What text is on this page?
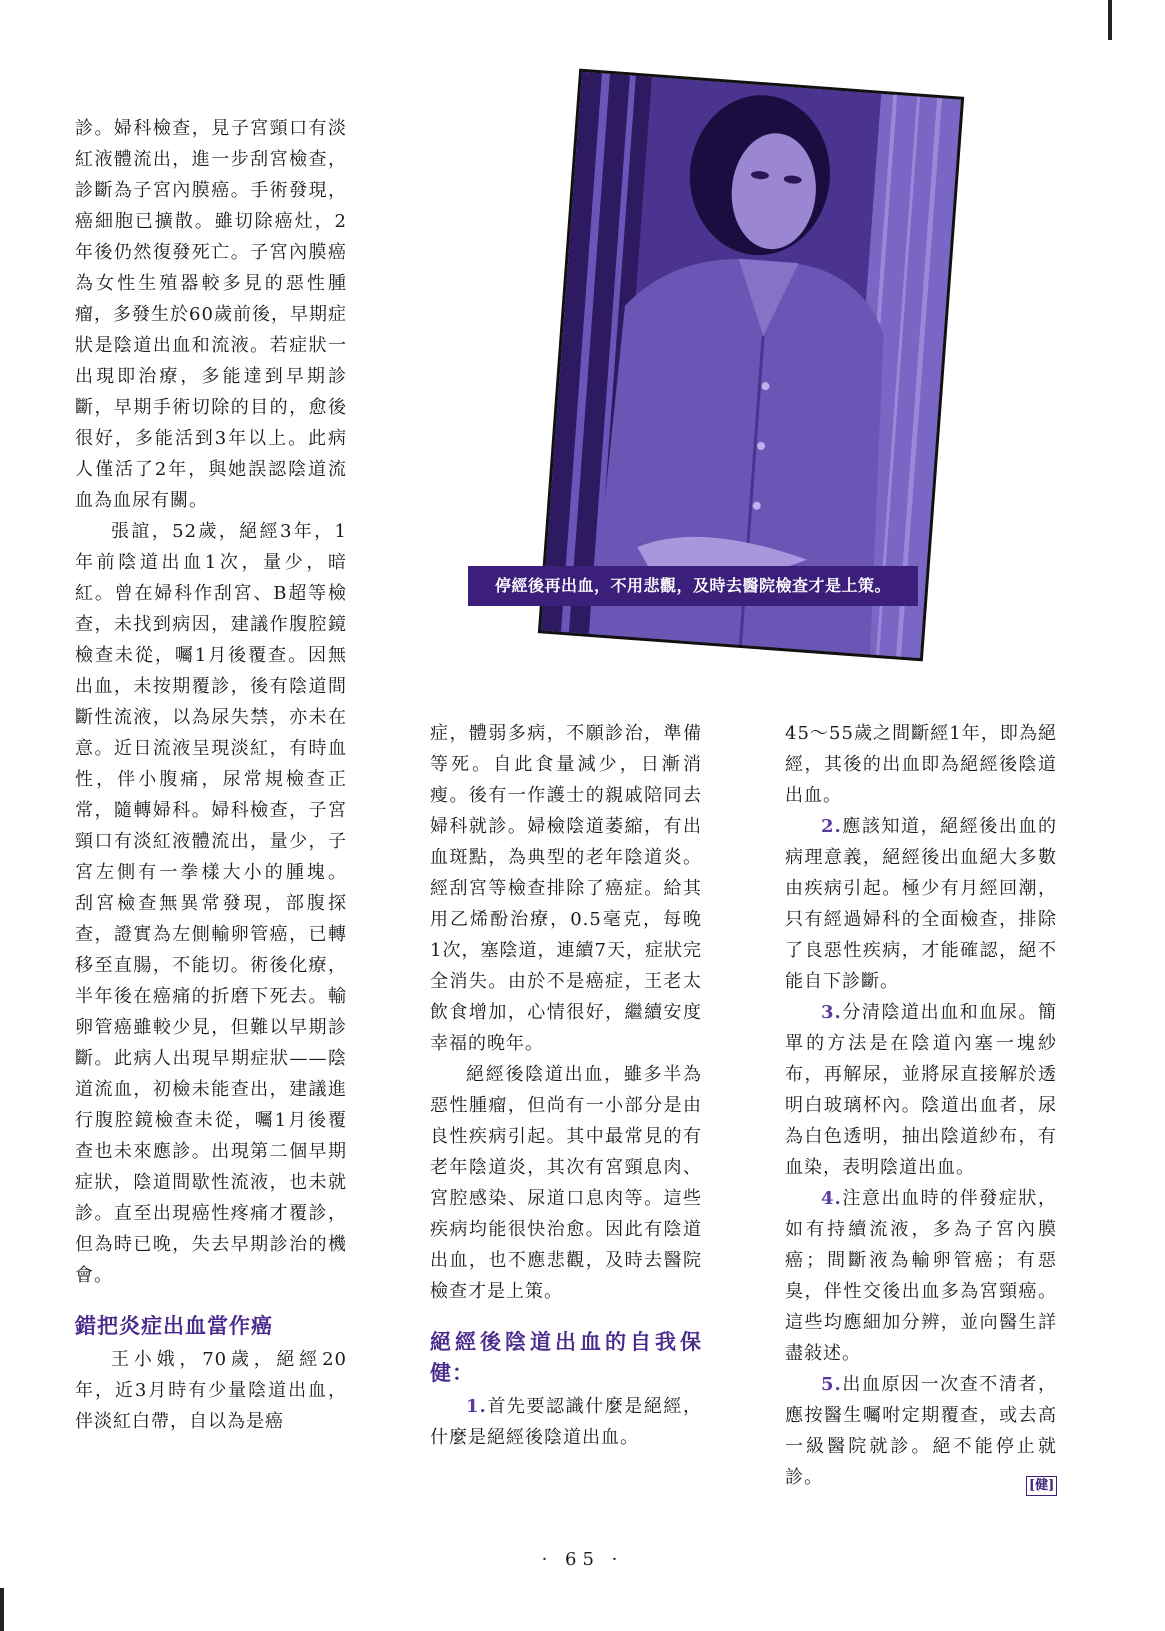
診。婦科檢查，見子宮頸口有淡紅液體流出，進一步刮宮檢查，診斷為子宮內膜癌。手術發現，癌細胞已擴散。雖切除癌灶，2年後仍然復發死亡。子宮內膜癌為女性生殖器較多見的惡性腫瘤，多發生於60歲前後，早期症狀是陰道出血和流液。若症狀一出現即治療，多能達到早期診斷，早期手術切除的目的，愈後很好，多能活到3年以上。此病人僅活了2年，與她誤認陰道流血為血尿有關。

張誼，52歲，絕經3年，1年前陰道出血1次，量少，暗紅。曾在婦科作刮宮、B超等檢查，未找到病因，建議作腹腔鏡檢查未從，囑1月後覆查。因無出血，未按期覆診，後有陰道間斷性流液，以為尿失禁，亦未在意。近日流液呈現淡紅，有時血性，伴小腹痛，尿常規檢查正常，隨轉婦科。婦科檢查，子宮頸口有淡紅液體流出，量少，子宮左側有一拳樣大小的腫塊。 刮宮檢查無異常發現，部腹探查，證實為左側輸卵管癌，已轉移至直腸，不能切。術後化療，半年後在癌痛的折磨下死去。輸卵管癌雖較少見，但難以早期診斷。此病人出現早期症狀——陰道流血，初檢未能查出，建議進行腹腔鏡檢查未從，囑1月後覆查也未來應診。出現第二個早期症狀，陰道間歇性流液，也未就診。直至出現癌性疼痛才覆診，但為時已晚，失去早期診治的機會。

錯把炎症出血當作癌

王小娥，70歲，絕經20年，近3月時有少量陰道出血，伴淡紅白帶，自以為是癌

停經後再出血，不用悲觀，及時去醫院檢查才是上策。

症，體弱多病，不願診治，準備等死。自此食量減少，日漸消瘦。後有一作護士的親戚陪同去婦科就診。婦檢陰道萎縮，有出血斑點，為典型的老年陰道炎。經刮宮等檢查排除了癌症。給其用乙烯酚治療，0.5毫克，每晚1次，塞陰道，連續7天，症狀完全消失。由於不是癌症，王老太飲食增加，心情很好，繼續安度幸福的晚年。

絕經後陰道出血，雖多半為惡性腫瘤，但尚有一小部分是由良性疾病引起。其中最常見的有老年陰道炎，其次有宮頸息肉、宮腔感染、尿道口息肉等。這些疾病均能很快治愈。因此有陰道出血，也不應悲觀，及時去醫院檢查才是上策。

絕經後陰道出血的自我保健：

1.首先要認識什麼是絕經，什麼是絕經後陰道出血。

45～55歲之間斷經1年，即為絕經，其後的出血即為絕經後陰道出血。

2.應該知道，絕經後出血的病理意義，絕經後出血絕大多數由疾病引起。極少有月經回潮，只有經過婦科的全面檢查，排除了良惡性疾病，才能確認，絕不能自下診斷。

3.分清陰道出血和血尿。簡單的方法是在陰道內塞一塊紗布，再解尿，並將尿直接解於透明白玻璃杯內。陰道出血者，尿為白色透明，抽出陰道紗布，有血染，表明陰道出血。

4.注意出血時的伴發症狀，如有持續流液，多為子宮內膜癌；間斷液為輸卵管癌；有惡臭，伴性交後出血多為宮頸癌。這些均應細加分辨，並向醫生詳盡敍述。

5.出血原因一次查不清者，應按醫生囑咐定期覆查，或去高一級醫院就診。絕不能停止就診。	[健]
· 65 ·
